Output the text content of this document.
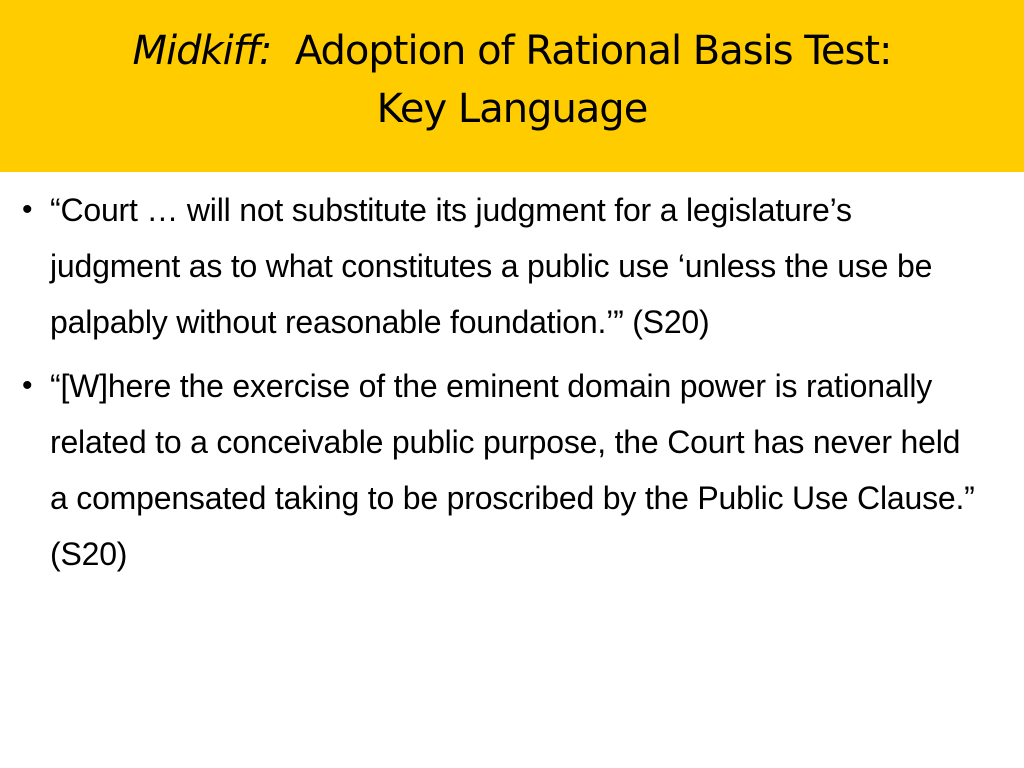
Midkiff: Adoption of Rational Basis Test:
Key Language
• “Court … will not substitute its judgment for a legislature’s judgment as to what constitutes a public use ‘unless the use be palpably without reasonable foundation.’” (S20)
• “[W]here the exercise of the eminent domain power is rationally related to a conceivable public purpose, the Court has never held a compensated taking to be proscribed by the Public Use Clause.” (S20)
